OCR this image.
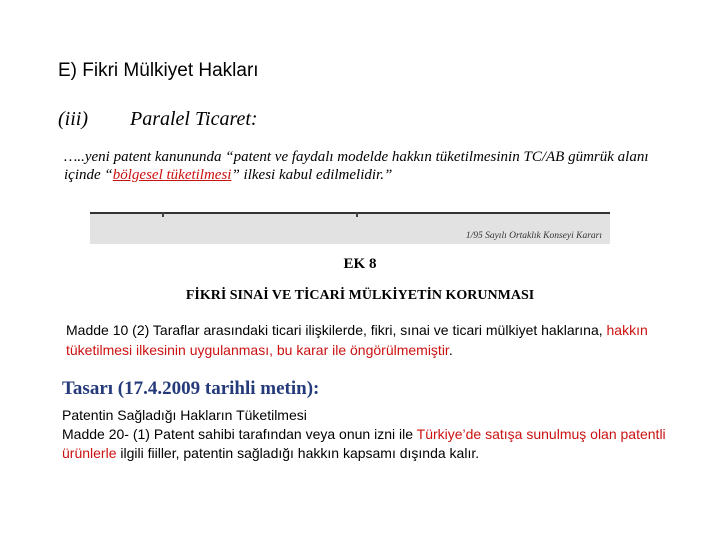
E) Fikri Mülkiyet Hakları
(iii) Paralel Ticaret:
…..yeni patent kanununda “patent ve faydalı modelde hakkın tüketilmesinin TC/AB gümrük alanı içinde “bölgesel tüketilmesi” ilkesi kabul edilmelidir.”
1/95 Sayılı Ortaklık Konseyi Kararı
EK 8
FİKRİ SINAİ VE TİCARİ MÜLKİYETİN KORUNMASI
Madde 10 (2) Taraflar arasındaki ticari ilişkilerde, fikri, sınai ve ticari mülkiyet haklarına, hakkın tüketilmesi ilkesinin uygulanması, bu karar ile öngörülmemiştir.
Tasarı (17.4.2009 tarihli metin):
Patentin Sağladığı Hakların Tüketilmesi
Madde 20- (1) Patent sahibi tarafından veya onun izni ile Türkiye’de satışa sunulmuş olan patentli ürünlerle ilgili fiiller, patentin sağladığı hakkın kapsamı dışında kalır.
